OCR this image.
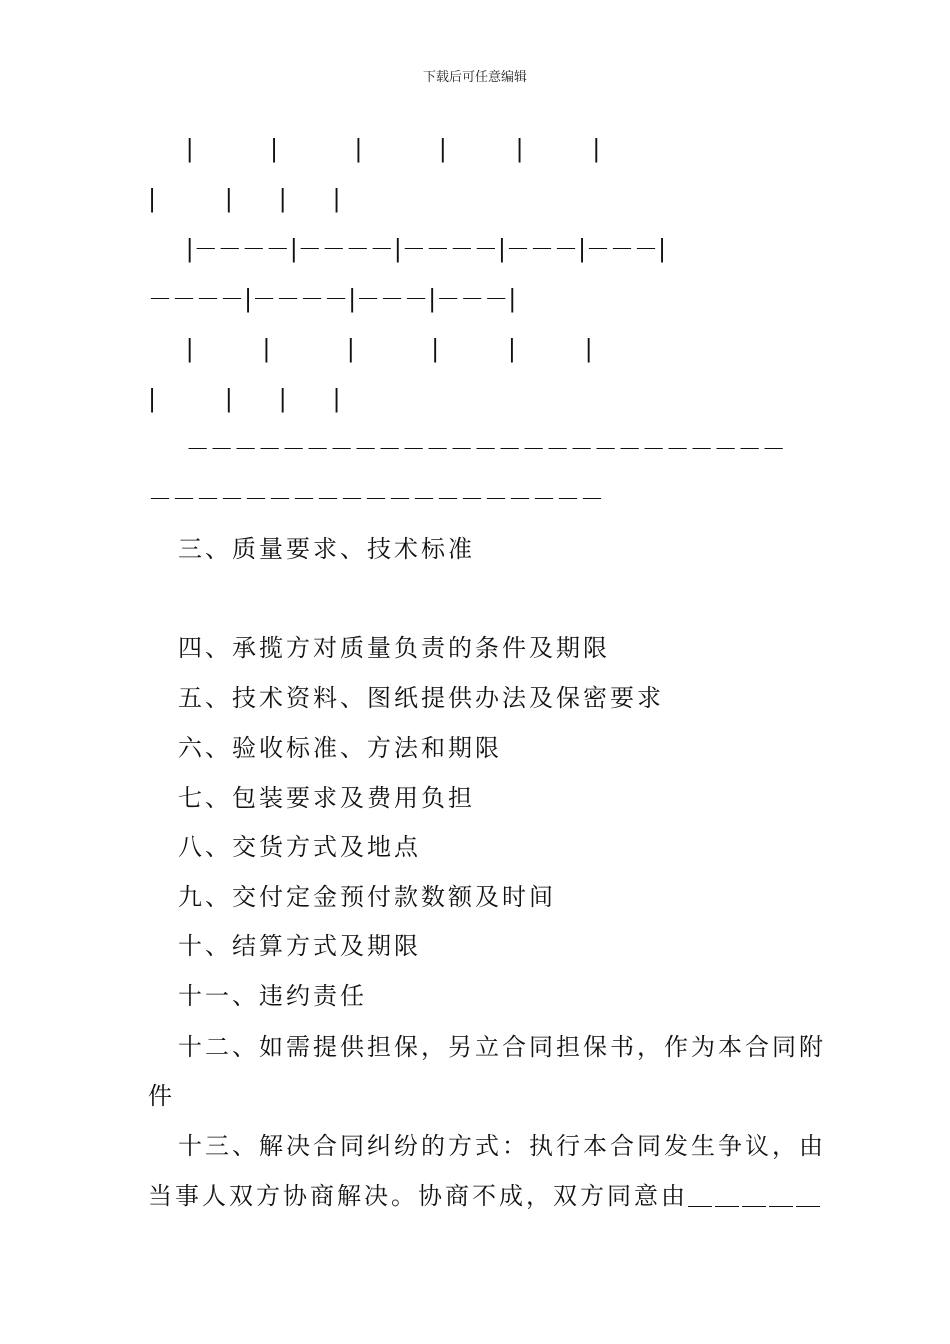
下载后可任意编辑
|          |          |          |         |         |
|         |      |      |
|－－－－|－－－－|－－－－|－－－|－－－|
－－－－|－－－－|－－－|－－－|
|         |          |          |         |         |
|         |      |      |
－－－－－－－－－－－－－－－－－－－－－－－－－
－－－－－－－－－－－－－－－－－－－
三、质量要求、技术标准
四、承揽方对质量负责的条件及期限
五、技术资料、图纸提供办法及保密要求
六、验收标准、方法和期限
七、包装要求及费用负担
八、交货方式及地点
九、交付定金预付款数额及时间
十、结算方式及期限
十一、违约责任
十二、如需提供担保，另立合同担保书，作为本合同附
件
十三、解决合同纠纷的方式：执行本合同发生争议，由
当事人双方协商解决。协商不成，双方同意由＿＿＿＿＿
